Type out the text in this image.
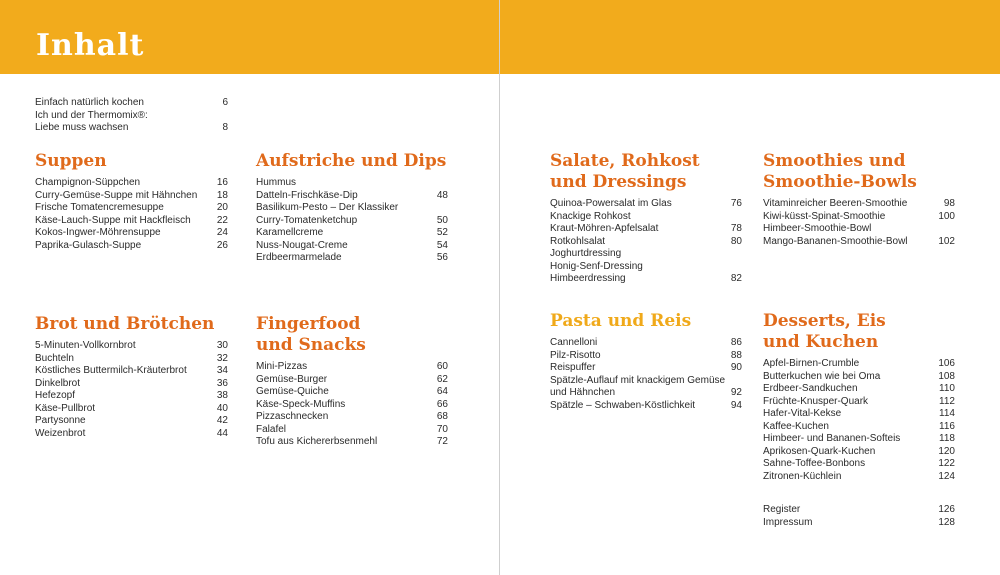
Inhalt
Einfach natürlich kochen	6
Ich und der Thermomix®:
Liebe muss wachsen	8
Suppen
Champignon-Süppchen	16
Curry-Gemüse-Suppe mit Hähnchen	18
Frische Tomatencremesuppe	20
Käse-Lauch-Suppe mit Hackfleisch	22
Kokos-Ingwer-Möhrensuppe	24
Paprika-Gulasch-Suppe	26
Aufstriche und Dips
Hummus
Datteln-Frischkäse-Dip	48
Basilikum-Pesto – Der Klassiker
Curry-Tomatenketchup	50
Karamellcreme	52
Nuss-Nougat-Creme	54
Erdbeermarmelade	56
Brot und Brötchen
5-Minuten-Vollkornbrot	30
Buchteln	32
Köstliches Buttermilch-Kräuterbrot	34
Dinkelbrot	36
Hefezopf	38
Käse-Pullbrot	40
Partysonne	42
Weizenbrot	44
Fingerfood
und Snacks
Mini-Pizzas	60
Gemüse-Burger	62
Gemüse-Quiche	64
Käse-Speck-Muffins	66
Pizzaschnecken	68
Falafel	70
Tofu aus Kichererbsenmehl	72
Salate, Rohkost
und Dressings
Quinoa-Powersalat im Glas	76
Knackige Rohkost
Kraut-Möhren-Apfelsalat	78
Rotkohlsalat	80
Joghurtdressing
Honig-Senf-Dressing
Himbeerdressing	82
Smoothies und
Smoothie-Bowls
Vitaminreicher Beeren-Smoothie	98
Kiwi-küsst-Spinat-Smoothie	100
Himbeer-Smoothie-Bowl
Mango-Bananen-Smoothie-Bowl	102
Pasta und Reis
Cannelloni	86
Pilz-Risotto	88
Reispuffer	90
Spätzle-Auflauf mit knackigem Gemüse
und Hähnchen	92
Spätzle – Schwaben-Köstlichkeit	94
Desserts, Eis
und Kuchen
Apfel-Birnen-Crumble	106
Butterkuchen wie bei Oma	108
Erdbeer-Sandkuchen	110
Früchte-Knusper-Quark	112
Hafer-Vital-Kekse	114
Kaffee-Kuchen	116
Himbeer- und Bananen-Softeis	118
Aprikosen-Quark-Kuchen	120
Sahne-Toffee-Bonbons	122
Zitronen-Küchlein	124
Register	126
Impressum	128
